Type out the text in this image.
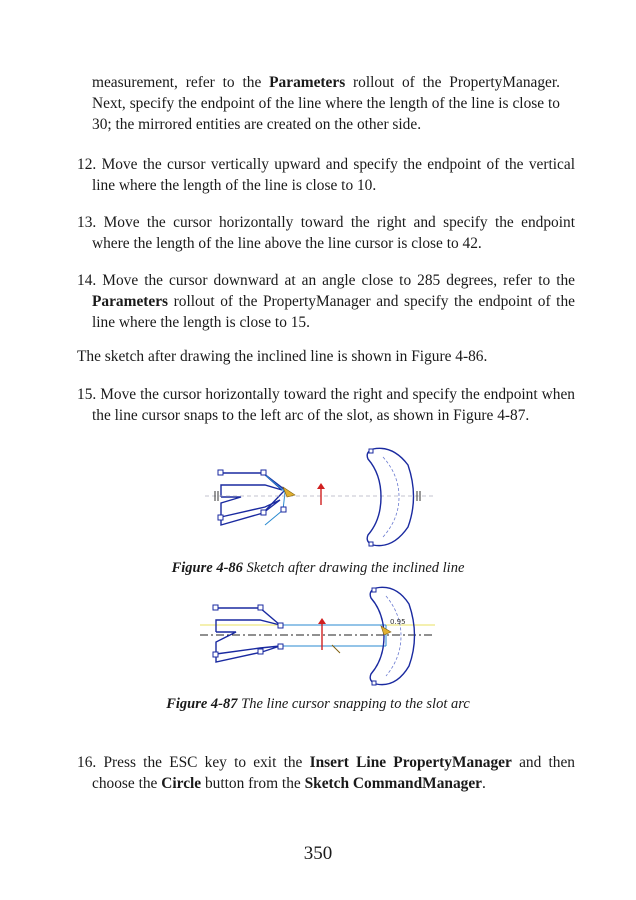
measurement, refer to the Parameters rollout of the PropertyManager. Next, specify the endpoint of the line where the length of the line is close to 30; the mirrored entities are created on the other side.
12. Move the cursor vertically upward and specify the endpoint of the vertical line where the length of the line is close to 10.
13. Move the cursor horizontally toward the right and specify the endpoint where the length of the line above the line cursor is close to 42.
14. Move the cursor downward at an angle close to 285 degrees, refer to the Parameters rollout of the PropertyManager and specify the endpoint of the line where the length is close to 15.
The sketch after drawing the inclined line is shown in Figure 4-86.
15. Move the cursor horizontally toward the right and specify the endpoint when the line cursor snaps to the left arc of the slot, as shown in Figure 4-87.
Figure 4-86 Sketch after drawing the inclined line
0.95
Figure 4-87 The line cursor snapping to the slot arc
16. Press the ESC key to exit the Insert Line PropertyManager and then choose the Circle button from the Sketch CommandManager.
350
